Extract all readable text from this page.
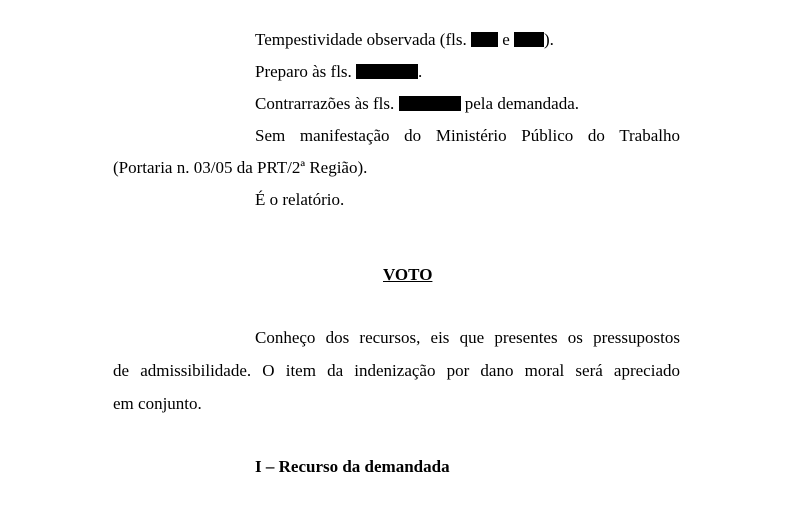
Tempestividade observada (fls.  e ).
Preparo às fls.	.
Contrarrazões às fls.	pela demandada.
Sem manifestação do Ministério Público do Trabalho
(Portaria n. 03/05 da PRT/2ª Região).
É o relatório.
VOTO
Conheço dos recursos, eis que presentes os pressupostos
de admissibilidade. O item da indenização por dano moral será apreciado
em conjunto.
I – Recurso da demandada
